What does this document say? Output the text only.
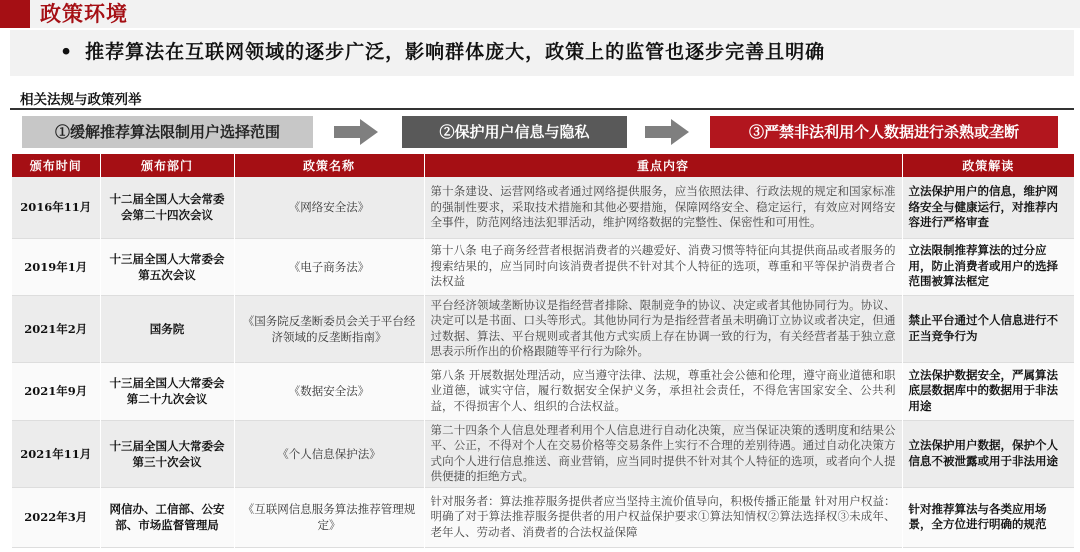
政策环境
• 推荐算法在互联网领域的逐步广泛，影响群体庞大，政策上的监管也逐步完善且明确
相关法规与政策列举
①缓解推荐算法限制用户选择范围	②保护用户信息与隐私	③严禁非法利用个人数据进行杀熟或垄断
颁布时间	颁布部门	政策名称	重点内容	政策解读
2016年11月	十二届全国人大会常委会第二十四次会议	《网络安全法》	第十条建设、运营网络或者通过网络提供服务，应当依照法律、行政法规的规定和国家标准的强制性要求，采取技术措施和其他必要措施，保障网络安全、稳定运行，有效应对网络安全事件，防范网络违法犯罪活动，维护网络数据的完整性、保密性和可用性。	立法保护用户的信息，维护网络安全与健康运行，对推荐内容进行严格审查
2019年1月	十三届全国人大常委会第五次会议	《电子商务法》	第十八条 电子商务经营者根据消费者的兴趣爱好、消费习惯等特征向其提供商品或者服务的搜索结果的，应当同时向该消费者提供不针对其个人特征的选项，尊重和平等保护消费者合法权益	立法限制推荐算法的过分应用，防止消费者或用户的选择范围被算法框定
2021年2月	国务院	《国务院反垄断委员会关于平台经济领域的反垄断指南》	平台经济领域垄断协议是指经营者排除、限制竞争的协议、决定或者其他协同行为。协议、决定可以是书面、口头等形式。其他协同行为是指经营者虽未明确订立协议或者决定，但通过数据、算法、平台规则或者其他方式实质上存在协调一致的行为，有关经营者基于独立意思表示所作出的价格跟随等平行行为除外。	禁止平台通过个人信息进行不正当竞争行为
2021年9月	十三届全国人大常委会第二十九次会议	《数据安全法》	第八条 开展数据处理活动，应当遵守法律、法规，尊重社会公德和伦理，遵守商业道德和职业道德，诚实守信，履行数据安全保护义务，承担社会责任，不得危害国家安全、公共利益，不得损害个人、组织的合法权益。	立法保护数据安全，严属算法底层数据库中的数据用于非法用途
2021年11月	十三届全国人大常委会第三十次会议	《个人信息保护法》	第二十四条个人信息处理者利用个人信息进行自动化决策，应当保证决策的透明度和结果公平、公正，不得对个人在交易价格等交易条件上实行不合理的差别待遇。通过自动化决策方式向个人进行信息推送、商业营销，应当同时提供不针对其个人特征的选项，或者向个人提供便捷的拒绝方式。	立法保护用户数据，保护个人信息不被泄露或用于非法用途
2022年3月	网信办、工信部、公安部、市场监督管理局	《互联网信息服务算法推荐管理规定》	针对服务者：算法推荐服务提供者应当坚持主流价值导向，积极传播正能量 针对用户权益：明确了对于算法推荐服务提供者的用户权益保护要求①算法知情权②算法选择权③未成年、老年人、劳动者、消费者的合法权益保障	针对推荐算法与各类应用场景，全方位进行明确的规范
